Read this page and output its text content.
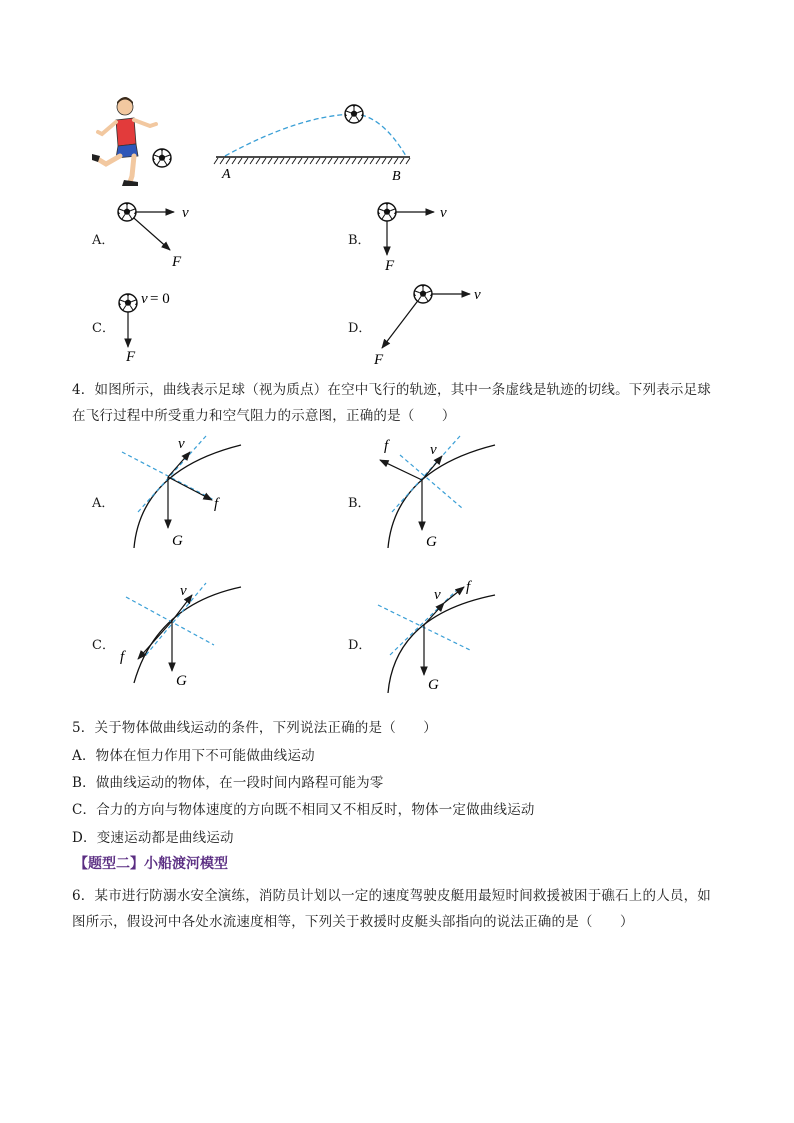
A	B
A．
v
F
B．
v
F
C．
v = 0
F
D．
v
F
4．如图所示，曲线表示足球（视为质点）在空中飞行的轨迹，其中一条虚线是轨迹的切线。下列表示足球
在飞行过程中所受重力和空气阻力的示意图，正确的是（　　）
A．
v
f
G
B．
v
f
G
C．
v
f
G
D．
v f
G
5．关于物体做曲线运动的条件，下列说法正确的是（　　）
A．物体在恒力作用下不可能做曲线运动
B．做曲线运动的物体，在一段时间内路程可能为零
C．合力的方向与物体速度的方向既不相同又不相反时，物体一定做曲线运动
D．变速运动都是曲线运动
【题型二】小船渡河模型
6．某市进行防溺水安全演练，消防员计划以一定的速度驾驶皮艇用最短时间救援被困于礁石上的人员，如
图所示，假设河中各处水流速度相等，下列关于救援时皮艇头部指向的说法正确的是（　　）
